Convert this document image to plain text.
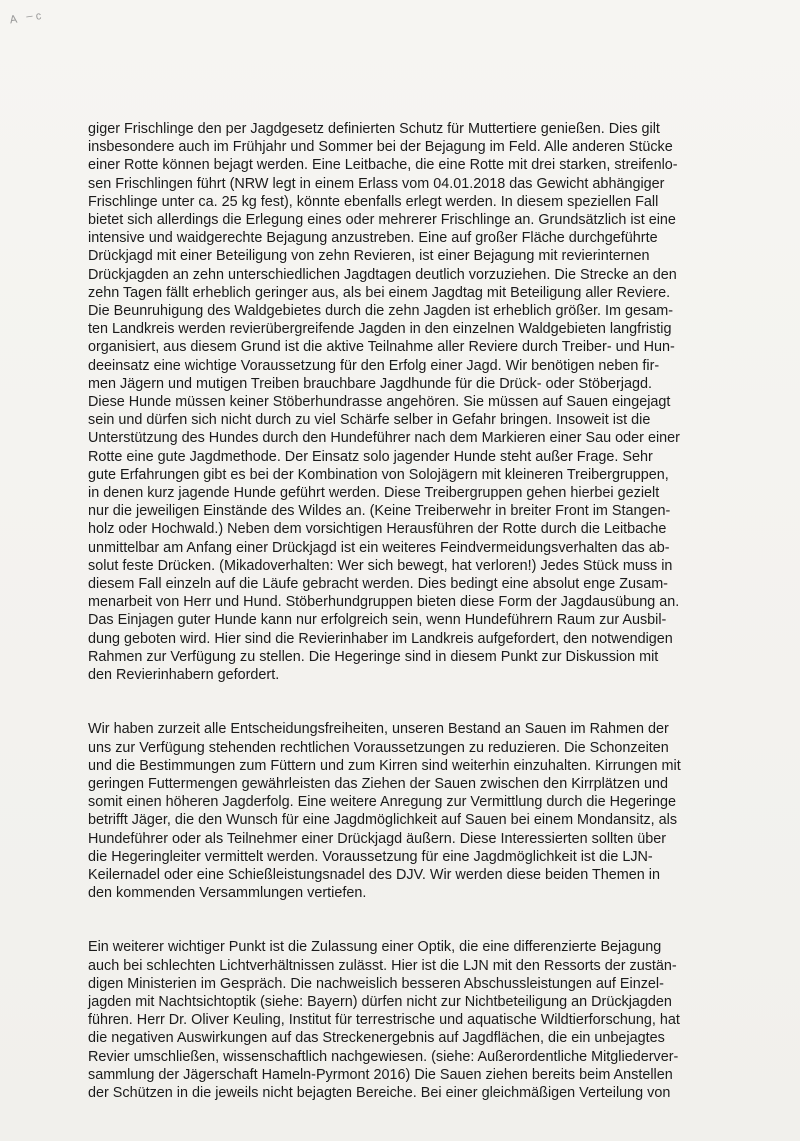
ᴬ ⁻ᶜ
giger Frischlinge den per Jagdgesetz definierten Schutz für Muttertiere genießen. Dies gilt
insbesondere auch im Frühjahr und Sommer bei der Bejagung im Feld. Alle anderen Stücke
einer Rotte können bejagt werden. Eine Leitbache, die eine Rotte mit drei starken, streifenlo-
sen Frischlingen führt (NRW legt in einem Erlass vom 04.01.2018 das Gewicht abhängiger
Frischlinge unter ca. 25 kg fest), könnte ebenfalls erlegt werden. In diesem speziellen Fall
bietet sich allerdings die Erlegung eines oder mehrerer Frischlinge an. Grundsätzlich ist eine
intensive und waidgerechte Bejagung anzustreben. Eine auf großer Fläche durchgeführte
Drückjagd mit einer Beteiligung von zehn Revieren, ist einer Bejagung mit revierinternen
Drückjagden an zehn unterschiedlichen Jagdtagen deutlich vorzuziehen. Die Strecke an den
zehn Tagen fällt erheblich geringer aus, als bei einem Jagdtag mit Beteiligung aller Reviere.
Die Beunruhigung des Waldgebietes durch die zehn Jagden ist erheblich größer. Im gesam-
ten Landkreis werden revierübergreifende Jagden in den einzelnen Waldgebieten langfristig
organisiert, aus diesem Grund ist die aktive Teilnahme aller Reviere durch Treiber- und Hun-
deeinsatz eine wichtige Voraussetzung für den Erfolg einer Jagd. Wir benötigen neben fir-
men Jägern und mutigen Treiben brauchbare Jagdhunde für die Drück- oder Stöberjagd.
Diese Hunde müssen keiner Stöberhundrasse angehören. Sie müssen auf Sauen eingejagt
sein und dürfen sich nicht durch zu viel Schärfe selber in Gefahr bringen. Insoweit ist die
Unterstützung des Hundes durch den Hundeführer nach dem Markieren einer Sau oder einer
Rotte eine gute Jagdmethode. Der Einsatz solo jagender Hunde steht außer Frage. Sehr
gute Erfahrungen gibt es bei der Kombination von Solojägern mit kleineren Treibergruppen,
in denen kurz jagende Hunde geführt werden. Diese Treibergruppen gehen hierbei gezielt
nur die jeweiligen Einstände des Wildes an. (Keine Treiberwehr in breiter Front im Stangen-
holz oder Hochwald.) Neben dem vorsichtigen Herausführen der Rotte durch die Leitbache
unmittelbar am Anfang einer Drückjagd ist ein weiteres Feindvermeidungsverhalten das ab-
solut feste Drücken. (Mikadoverhalten: Wer sich bewegt, hat verloren!) Jedes Stück muss in
diesem Fall einzeln auf die Läufe gebracht werden. Dies bedingt eine absolut enge Zusam-
menarbeit von Herr und Hund. Stöberhundgruppen bieten diese Form der Jagdausübung an.
Das Einjagen guter Hunde kann nur erfolgreich sein, wenn Hundeführern Raum zur Ausbil-
dung geboten wird. Hier sind die Revierinhaber im Landkreis aufgefordert, den notwendigen
Rahmen zur Verfügung zu stellen. Die Hegeringe sind in diesem Punkt zur Diskussion mit
den Revierinhabern gefordert.
Wir haben zurzeit alle Entscheidungsfreiheiten, unseren Bestand an Sauen im Rahmen der
uns zur Verfügung stehenden rechtlichen Voraussetzungen zu reduzieren. Die Schonzeiten
und die Bestimmungen zum Füttern und zum Kirren sind weiterhin einzuhalten. Kirrungen mit
geringen Futtermengen gewährleisten das Ziehen der Sauen zwischen den Kirrplätzen und
somit einen höheren Jagderfolg. Eine weitere Anregung zur Vermittlung durch die Hegeringe
betrifft Jäger, die den Wunsch für eine Jagdmöglichkeit auf Sauen bei einem Mondansitz, als
Hundeführer oder als Teilnehmer einer Drückjagd äußern. Diese Interessierten sollten über
die Hegeringleiter vermittelt werden. Voraussetzung für eine Jagdmöglichkeit ist die LJN-
Keilernadel oder eine Schießleistungsnadel des DJV. Wir werden diese beiden Themen in
den kommenden Versammlungen vertiefen.
Ein weiterer wichtiger Punkt ist die Zulassung einer Optik, die eine differenzierte Bejagung
auch bei schlechten Lichtverhältnissen zulässt. Hier ist die LJN mit den Ressorts der zustän-
digen Ministerien im Gespräch. Die nachweislich besseren Abschussleistungen auf Einzel-
jagden mit Nachtsichtoptik (siehe: Bayern) dürfen nicht zur Nichtbeteiligung an Drückjagden
führen. Herr Dr. Oliver Keuling, Institut für terrestrische und aquatische Wildtierforschung, hat
die negativen Auswirkungen auf das Streckenergebnis auf Jagdflächen, die ein unbejagtes
Revier umschließen, wissenschaftlich nachgewiesen. (siehe: Außerordentliche Mitgliederver-
sammlung der Jägerschaft Hameln-Pyrmont 2016) Die Sauen ziehen bereits beim Anstellen
der Schützen in die jeweils nicht bejagten Bereiche. Bei einer gleichmäßigen Verteilung von
